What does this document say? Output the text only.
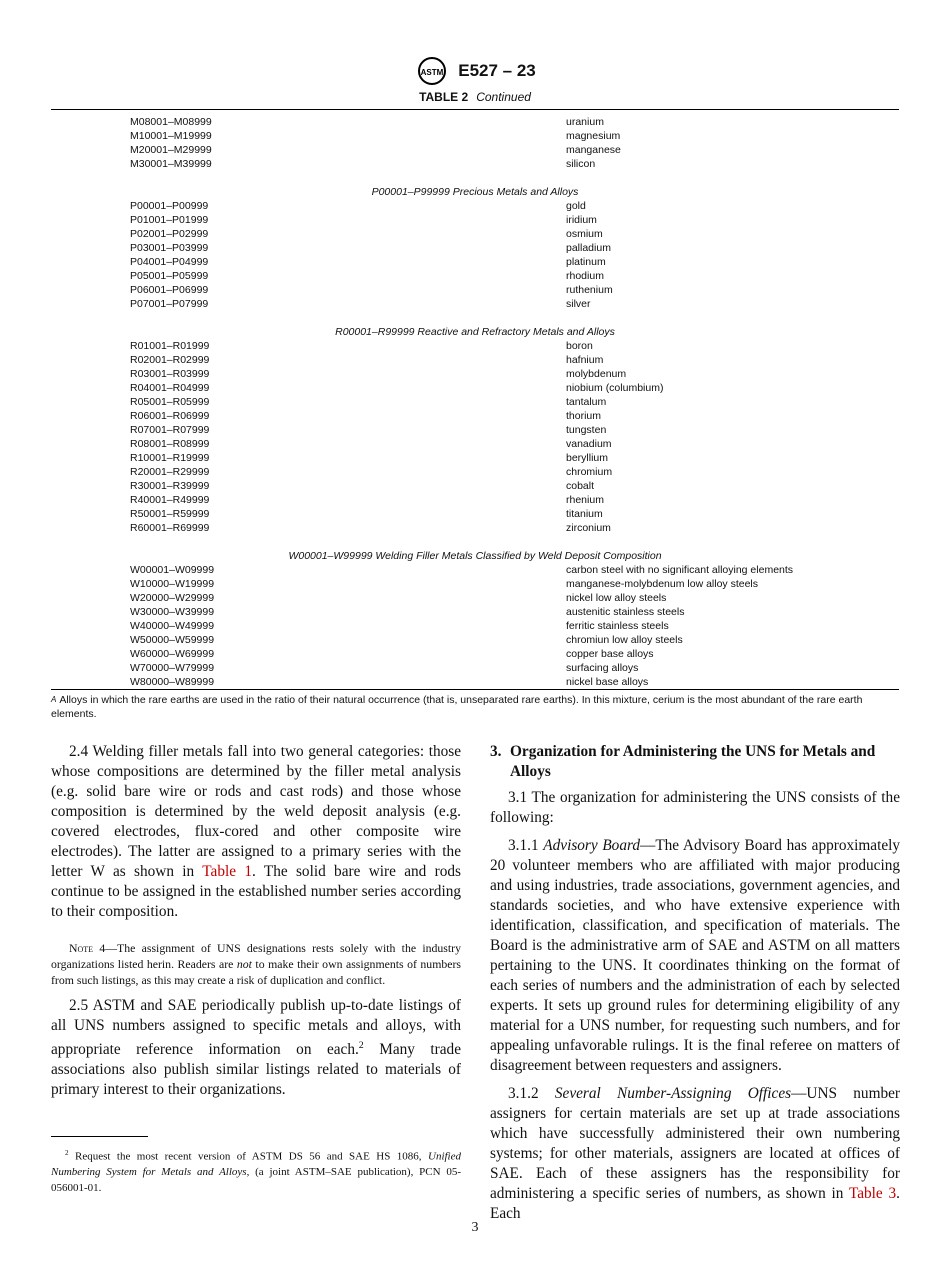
ASTM E527 – 23
TABLE 2 Continued
M08001–M08999	uranium
M10001–M19999	magnesium
M20001–M29999	manganese
M30001–M39999	silicon
P00001–P99999 Precious Metals and Alloys
P00001–P00999	gold
P01001–P01999	iridium
P02001–P02999	osmium
P03001–P03999	palladium
P04001–P04999	platinum
P05001–P05999	rhodium
P06001–P06999	ruthenium
P07001–P07999	silver
R00001–R99999 Reactive and Refractory Metals and Alloys
R01001–R01999	boron
R02001–R02999	hafnium
R03001–R03999	molybdenum
R04001–R04999	niobium (columbium)
R05001–R05999	tantalum
R06001–R06999	thorium
R07001–R07999	tungsten
R08001–R08999	vanadium
R10001–R19999	beryllium
R20001–R29999	chromium
R30001–R39999	cobalt
R40001–R49999	rhenium
R50001–R59999	titanium
R60001–R69999	zirconium
W00001–W99999 Welding Filler Metals Classified by Weld Deposit Composition
W00001–W09999	carbon steel with no significant alloying elements
W10000–W19999	manganese-molybdenum low alloy steels
W20000–W29999	nickel low alloy steels
W30000–W39999	austenitic stainless steels
W40000–W49999	ferritic stainless steels
W50000–W59999	chromiun low alloy steels
W60000–W69999	copper base alloys
W70000–W79999	surfacing alloys
W80000–W89999	nickel base alloys
$^A$ Alloys in which the rare earths are used in the ratio of their natural occurrence (that is, unseparated rare earths). In this mixture, cerium is the most abundant of the rare earth elements.

2.4 Welding filler metals fall into two general categories: those whose compositions are determined by the filler metal analysis (e.g. solid bare wire or rods and cast rods) and those whose composition is determined by the weld deposit analysis (e.g. covered electrodes, flux-cored and other composite wire electrodes). The latter are assigned to a primary series with the letter W as shown in Table 1. The solid bare wire and rods continue to be assigned in the established number series according to their composition.

Note 4—The assignment of UNS designations rests solely with the industry organizations listed herin. Readers are not to make their own assignments of numbers from such listings, as this may create a risk of duplication and conflict.

2.5 ASTM and SAE periodically publish up-to-date listings of all UNS numbers assigned to specific metals and alloys, with appropriate reference information on each.$^2$ Many trade associations also publish similar listings related to materials of primary interest to their organizations.

$^2$ Request the most recent version of ASTM DS 56 and SAE HS 1086, Unified Numbering System for Metals and Alloys, (a joint ASTM–SAE publication), PCN 05-056001-01.
3. Organization for Administering the UNS for Metals and Alloys

3.1 The organization for administering the UNS consists of the following:

3.1.1 Advisory Board—The Advisory Board has approximately 20 volunteer members who are affiliated with major producing and using industries, trade associations, government agencies, and standards societies, and who have extensive experience with identification, classification, and specification of materials. The Board is the administrative arm of SAE and ASTM on all matters pertaining to the UNS. It coordinates thinking on the format of each series of numbers and the administration of each by selected experts. It sets up ground rules for determining eligibility of any material for a UNS number, for requesting such numbers, and for appealing unfavorable rulings. It is the final referee on matters of disagreement between requesters and assigners.

3.1.2 Several Number-Assigning Offices—UNS number assigners for certain materials are set up at trade associations which have successfully administered their own numbering systems; for other materials, assigners are located at offices of SAE. Each of these assigners has the responsibility for administering a specific series of numbers, as shown in Table 3. Each

3
